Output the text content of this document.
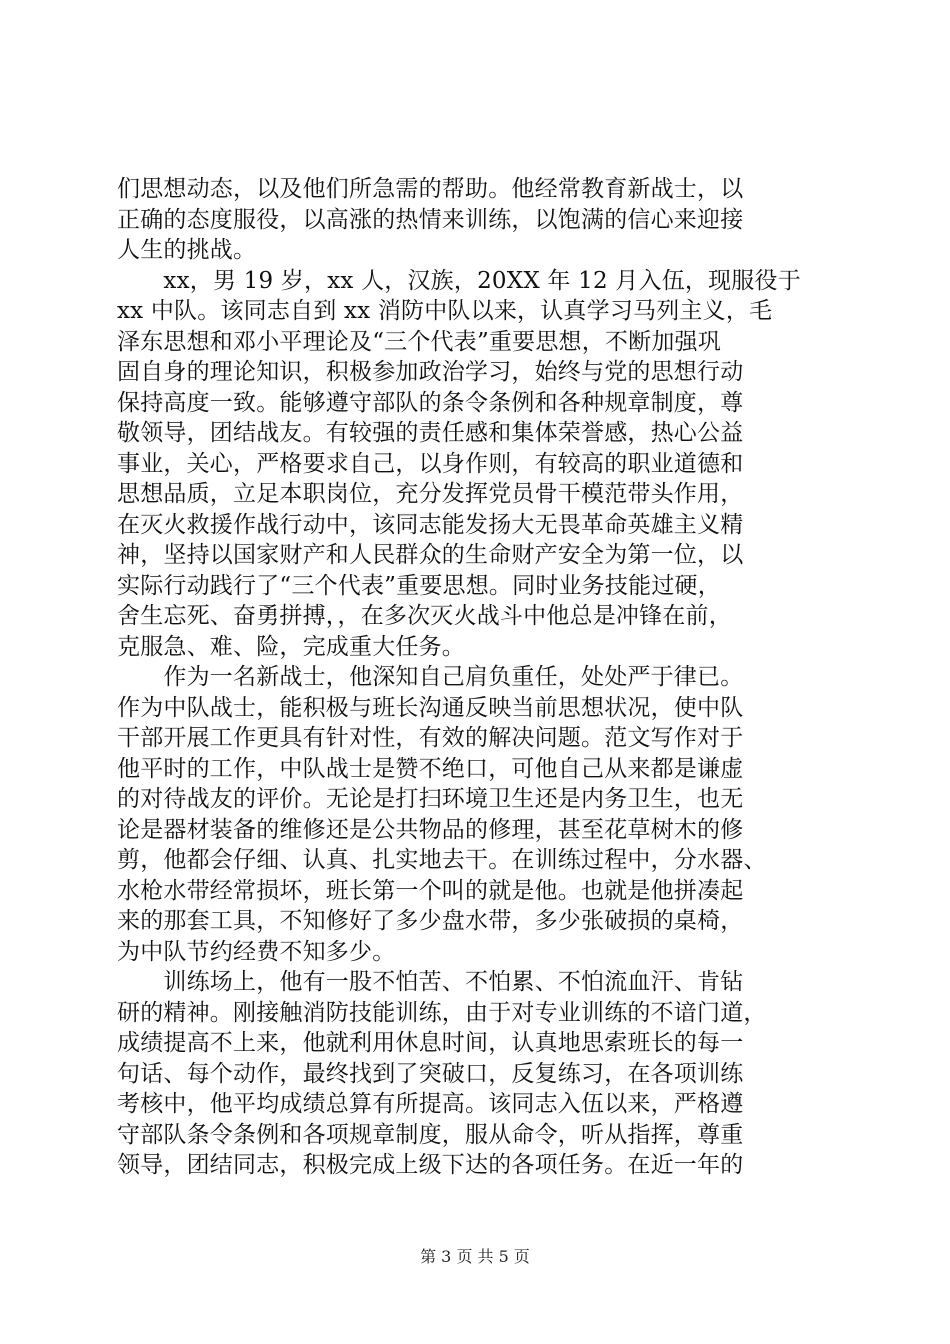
们思想动态，以及他们所急需的帮助。他经常教育新战士，以
正确的态度服役，以高涨的热情来训练，以饱满的信心来迎接
人生的挑战。
　　xx，男 19 岁，xx 人，汉族，20XX 年 12 月入伍，现服役于
xx 中队。该同志自到 xx 消防中队以来，认真学习马列主义，毛
泽东思想和邓小平理论及“三个代表”重要思想，不断加强巩
固自身的理论知识，积极参加政治学习，始终与党的思想行动
保持高度一致。能够遵守部队的条令条例和各种规章制度，尊
敬领导，团结战友。有较强的责任感和集体荣誉感，热心公益
事业，关心，严格要求自己，以身作则，有较高的职业道德和
思想品质，立足本职岗位，充分发挥党员骨干模范带头作用，
在灭火救援作战行动中，该同志能发扬大无畏革命英雄主义精
神，坚持以国家财产和人民群众的生命财产安全为第一位，以
实际行动践行了“三个代表”重要思想。同时业务技能过硬，
舍生忘死、奋勇拼搏，，在多次灭火战斗中他总是冲锋在前，
克服急、难、险，完成重大任务。
　　作为一名新战士，他深知自己肩负重任，处处严于律已。
作为中队战士，能积极与班长沟通反映当前思想状况，使中队
干部开展工作更具有针对性，有效的解决问题。范文写作对于
他平时的工作，中队战士是赞不绝口，可他自己从来都是谦虚
的对待战友的评价。无论是打扫环境卫生还是内务卫生，也无
论是器材装备的维修还是公共物品的修理，甚至花草树木的修
剪，他都会仔细、认真、扎实地去干。在训练过程中，分水器、
水枪水带经常损坏，班长第一个叫的就是他。也就是他拼凑起
来的那套工具，不知修好了多少盘水带，多少张破损的桌椅，
为中队节约经费不知多少。
　　训练场上，他有一股不怕苦、不怕累、不怕流血汗、肯钻
研的精神。刚接触消防技能训练，由于对专业训练的不谙门道，
成绩提高不上来，他就利用休息时间，认真地思索班长的每一
句话、每个动作，最终找到了突破口，反复练习，在各项训练
考核中，他平均成绩总算有所提高。该同志入伍以来，严格遵
守部队条令条例和各项规章制度，服从命令，听从指挥，尊重
领导，团结同志，积极完成上级下达的各项任务。在近一年的
第 3 页 共 5 页
